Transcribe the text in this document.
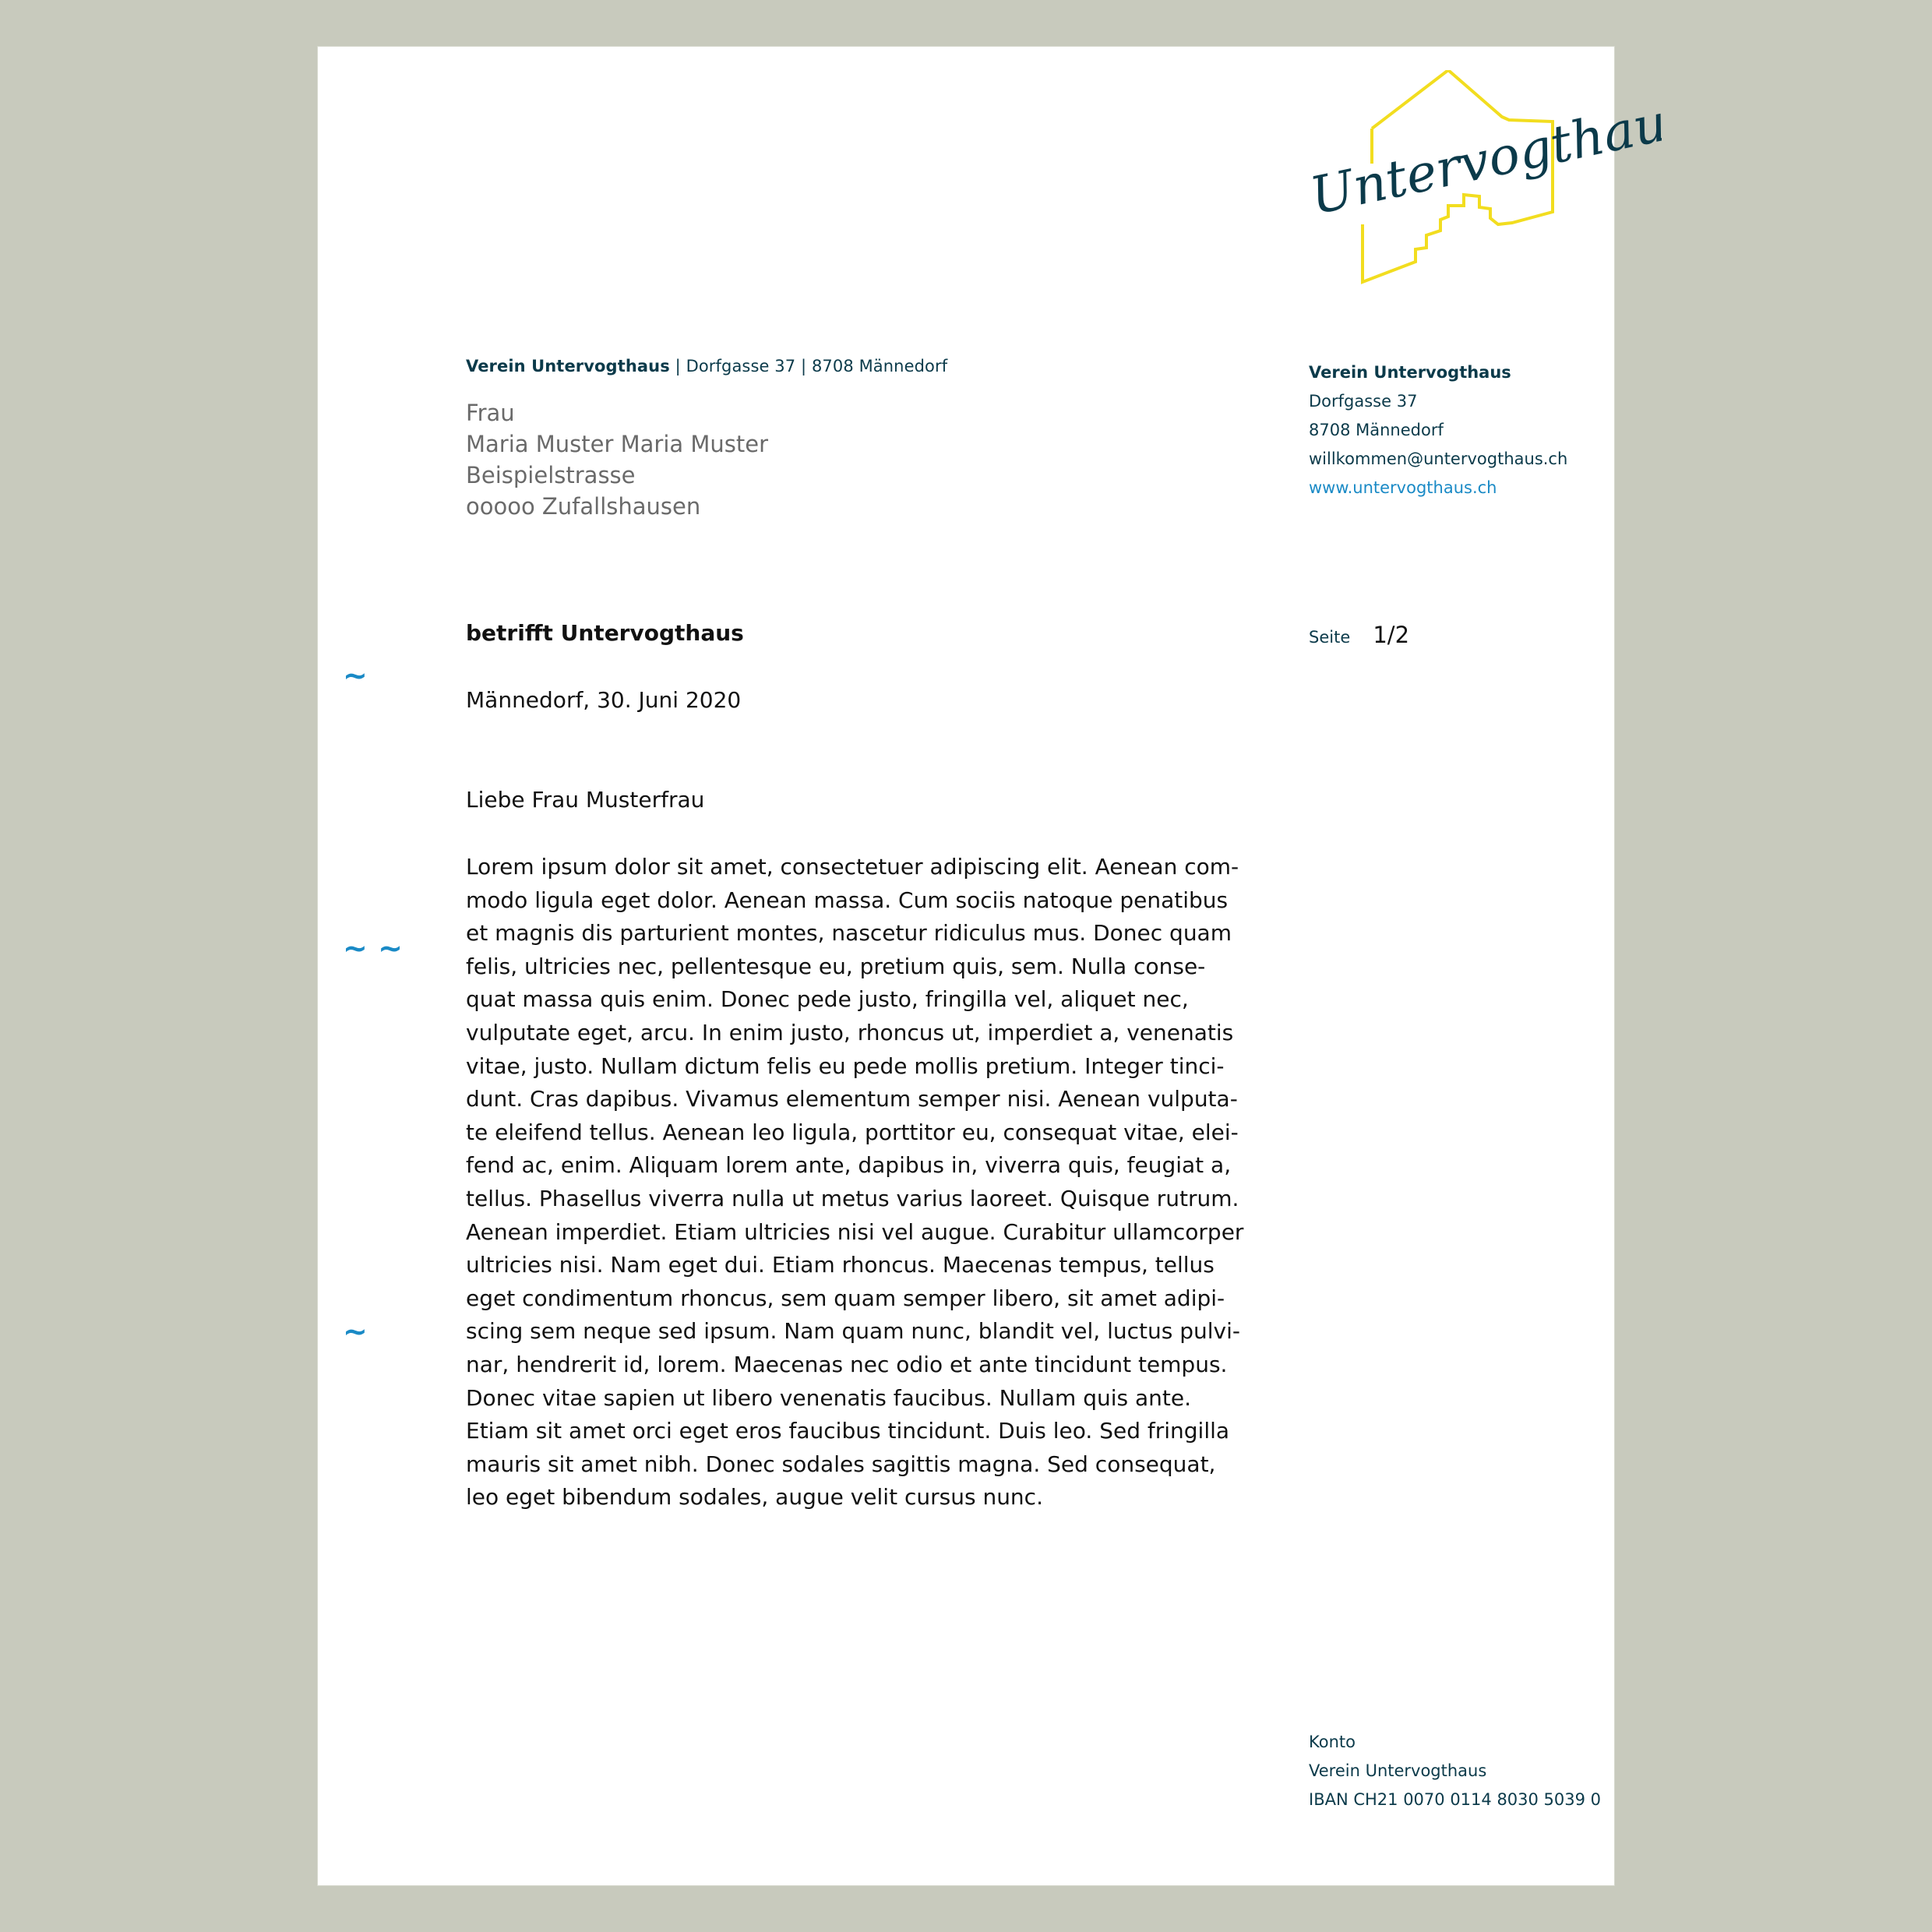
Untervogthaus
Verein Untervogthaus | Dorfgasse 37 | 8708 Männedorf
Frau
Maria Muster Maria Muster
Beispielstrasse
ooooo Zufallshausen
Verein Untervogthaus
Dorfgasse 37
8708 Männedorf
willkommen@untervogthaus.ch
www.untervogthaus.ch
betrifft Untervogthaus	Seite 1/2
~
~ ~
~
Männedorf, 30. Juni 2020
Liebe Frau Musterfrau
Lorem ipsum dolor sit amet, consectetuer adipiscing elit. Aenean com-
modo ligula eget dolor. Aenean massa. Cum sociis natoque penatibus
et magnis dis parturient montes, nascetur ridiculus mus. Donec quam
felis, ultricies nec, pellentesque eu, pretium quis, sem. Nulla conse-
quat massa quis enim. Donec pede justo, fringilla vel, aliquet nec,
vulputate eget, arcu. In enim justo, rhoncus ut, imperdiet a, venenatis
vitae, justo. Nullam dictum felis eu pede mollis pretium. Integer tinci-
dunt. Cras dapibus. Vivamus elementum semper nisi. Aenean vulputa-
te eleifend tellus. Aenean leo ligula, porttitor eu, consequat vitae, elei-
fend ac, enim. Aliquam lorem ante, dapibus in, viverra quis, feugiat a,
tellus. Phasellus viverra nulla ut metus varius laoreet. Quisque rutrum.
Aenean imperdiet. Etiam ultricies nisi vel augue. Curabitur ullamcorper
ultricies nisi. Nam eget dui. Etiam rhoncus. Maecenas tempus, tellus
eget condimentum rhoncus, sem quam semper libero, sit amet adipi-
scing sem neque sed ipsum. Nam quam nunc, blandit vel, luctus pulvi-
nar, hendrerit id, lorem. Maecenas nec odio et ante tincidunt tempus.
Donec vitae sapien ut libero venenatis faucibus. Nullam quis ante.
Etiam sit amet orci eget eros faucibus tincidunt. Duis leo. Sed fringilla
mauris sit amet nibh. Donec sodales sagittis magna. Sed consequat,
leo eget bibendum sodales, augue velit cursus nunc.
Konto
Verein Untervogthaus
IBAN CH21 0070 0114 8030 5039 0
